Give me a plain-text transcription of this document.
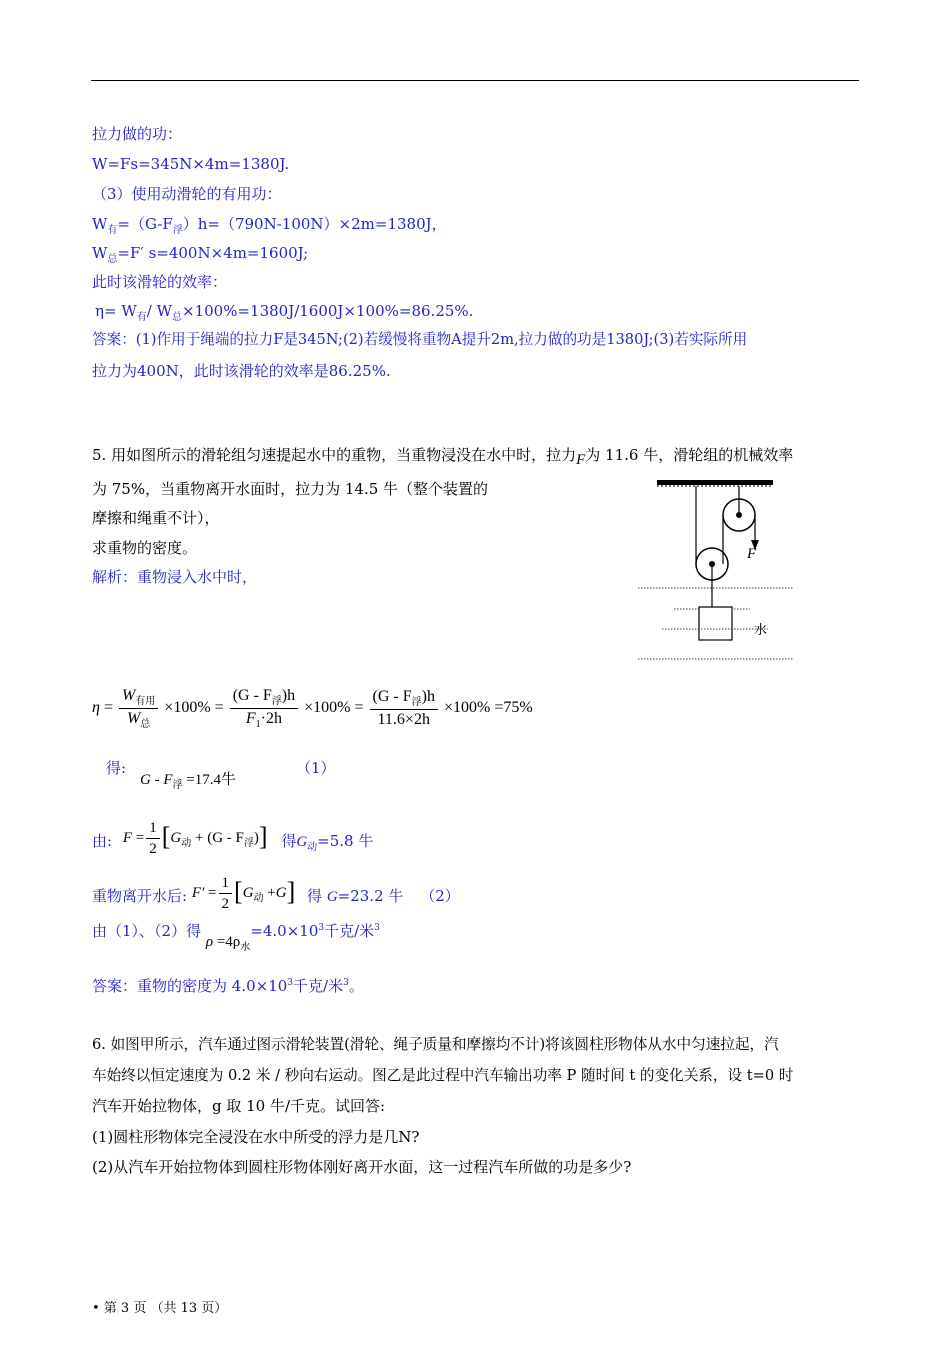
拉力做的功：
W=Fs=345N×4m=1380J.
（3）使用动滑轮的有用功：
$W_有=(G-F_浮)h=(790N-100N)\times 2m=1380J$，
$W_总=F'$ s=400N×4m=1600J;
此时该滑轮的效率：
$\eta= W_有/$ $W_总\times 100\%=1380J/1600J\times 100\%=86.25\%$.
答案：(1)作用于绳端的拉力F是345N;(2)若缓慢将重物A提升2m,拉力做的功是1380J;(3)若实际所用
拉力为400N，此时该滑轮的效率是86.25%.
5. 用如图所示的滑轮组匀速提起水中的重物，当重物浸没在水中时，拉力F为 11.6 牛，滑轮组的机械效率
为 75%，当重物离开水面时，拉力为 14.5 牛（整个装置的
摩擦和绳重不计），
求重物的密度。
解析：重物浸入水中时，
F
水
$\eta = \frac{W_{有用}}{W_总} \times 100\% = \frac{(G - F_浮)h}{F_1\cdot 2h} \times 100\% = \frac{(G - F_浮)h}{11.6\times 2h} \times 100\% =75\%$
得:
$G - F_浮 =17.4$牛
（1）
由: $F = \frac{1}{2} [G_动 + (G - F_浮)]$ 得$G_动=5.8$ 牛
重物离开水后: $F' = \frac{1}{2} [G_动 +G]$ 得 G=23.2 牛 （2）
由（1）、（2）得 $\rho =4\rho_水=4.0\times 10^3$千克/米$^3$
答案：重物的密度为 $4.0\times 10^3$千克/米$^3$。
6. 如图甲所示，汽车通过图示滑轮装置(滑轮、绳子质量和摩擦均不计)将该圆柱形物体从水中匀速拉起，汽
车始终以恒定速度为 0.2 米 / 秒向右运动。图乙是此过程中汽车输出功率 P 随时间 t 的变化关系，设 t=0 时
汽车开始拉物体，g 取 10 牛/千克。试回答:
(1)圆柱形物体完全浸没在水中所受的浮力是几N?
(2)从汽车开始拉物体到圆柱形物体刚好离开水面，这一过程汽车所做的功是多少?
• 第 3 页 （共 13 页）
